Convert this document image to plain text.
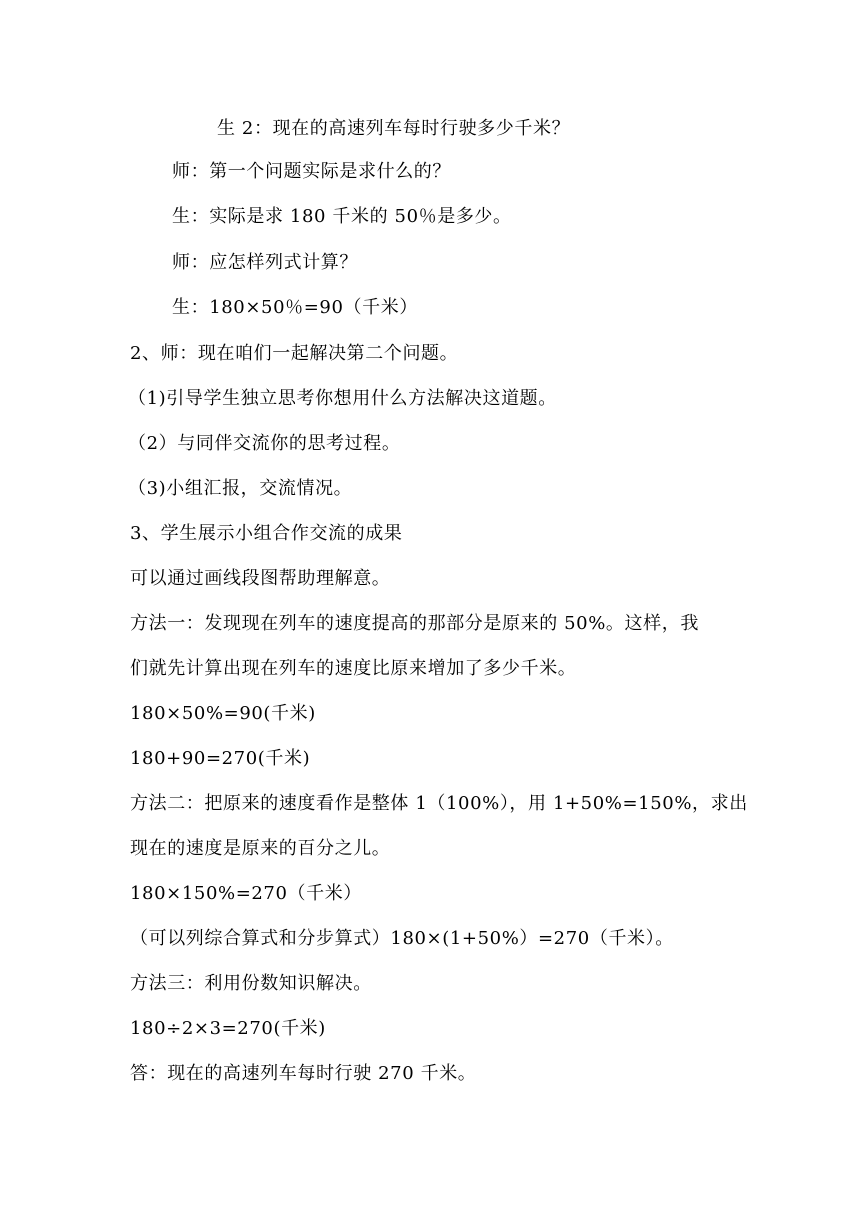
生 2：现在的高速列车每时行驶多少千米？
师：第一个问题实际是求什么的？
生：实际是求 180 千米的 50％是多少。
师：应怎样列式计算？
生：180×50％=90（千米）
2、师：现在咱们一起解决第二个问题。
（1)引导学生独立思考你想用什么方法解决这道题。
（2）与同伴交流你的思考过程。
（3)小组汇报，交流情况。
3、学生展示小组合作交流的成果
可以通过画线段图帮助理解意。
方法一：发现现在列车的速度提高的那部分是原来的 50%。这样，我
们就先计算出现在列车的速度比原来增加了多少千米。
180×50%=90(千米)
180+90=270(千米)
方法二：把原来的速度看作是整体 1（100%），用 1+50%=150%，求出
现在的速度是原来的百分之儿。
180×150%=270（千米）
（可以列综合算式和分步算式）180×(1+50%）=270（千米）。
方法三：利用份数知识解决。
180÷2×3=270(千米)
答：现在的高速列车每时行驶 270 千米。
